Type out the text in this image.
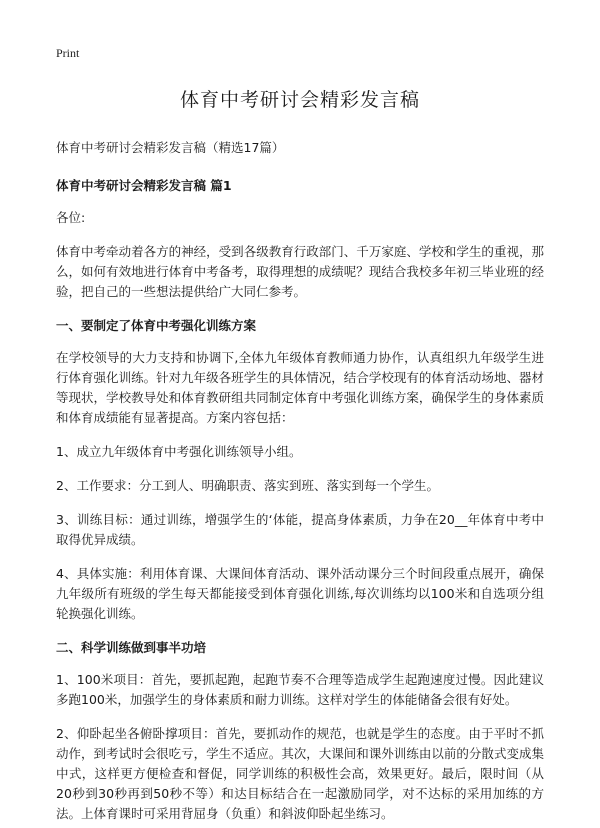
Print
体育中考研讨会精彩发言稿

体育中考研讨会精彩发言稿（精选17篇）

体育中考研讨会精彩发言稿 篇1

各位:

体育中考牵动着各方的神经，受到各级教育行政部门、千万家庭、学校和学生的重视，那么，如何有效地进行体育中考备考，取得理想的成绩呢？现结合我校多年初三毕业班的经验，把自己的一些想法提供给广大同仁参考。

一、要制定了体育中考强化训练方案

在学校领导的大力支持和协调下,全体九年级体育教师通力协作，认真组织九年级学生进行体育强化训练。针对九年级各班学生的具体情况，结合学校现有的体育活动场地、器材等现状，学校教导处和体育教研组共同制定体育中考强化训练方案，确保学生的身体素质和体育成绩能有显著提高。方案内容包括：

1、成立九年级体育中考强化训练领导小组。

2、工作要求：分工到人、明确职责、落实到班、落实到每一个学生。

3、训练目标：通过训练，增强学生的‘体能，提高身体素质，力争在20__年体育中考中取得优异成绩。

4、具体实施：利用体育课、大课间体育活动、课外活动课分三个时间段重点展开，确保九年级所有班级的学生每天都能接受到体育强化训练,每次训练均以100米和自选项分组轮换强化训练。

二、科学训练做到事半功培

1、100米项目：首先，要抓起跑，起跑节奏不合理等造成学生起跑速度过慢。因此建议多跑100米，加强学生的身体素质和耐力训练。这样对学生的体能储备会很有好处。

2、仰卧起坐各俯卧撑项目：首先，要抓动作的规范，也就是学生的态度。由于平时不抓动作，到考试时会很吃亏，学生不适应。其次，大课间和课外训练由以前的分散式变成集中式，这样更方便检查和督促，同学训练的积极性会高，效果更好。最后，限时间（从20秒到30秒再到50秒不等）和达目标结合在一起激励同学，对不达标的采用加练的方法。上体育课时可采用背屈身（负重）和斜波仰卧起坐练习。
